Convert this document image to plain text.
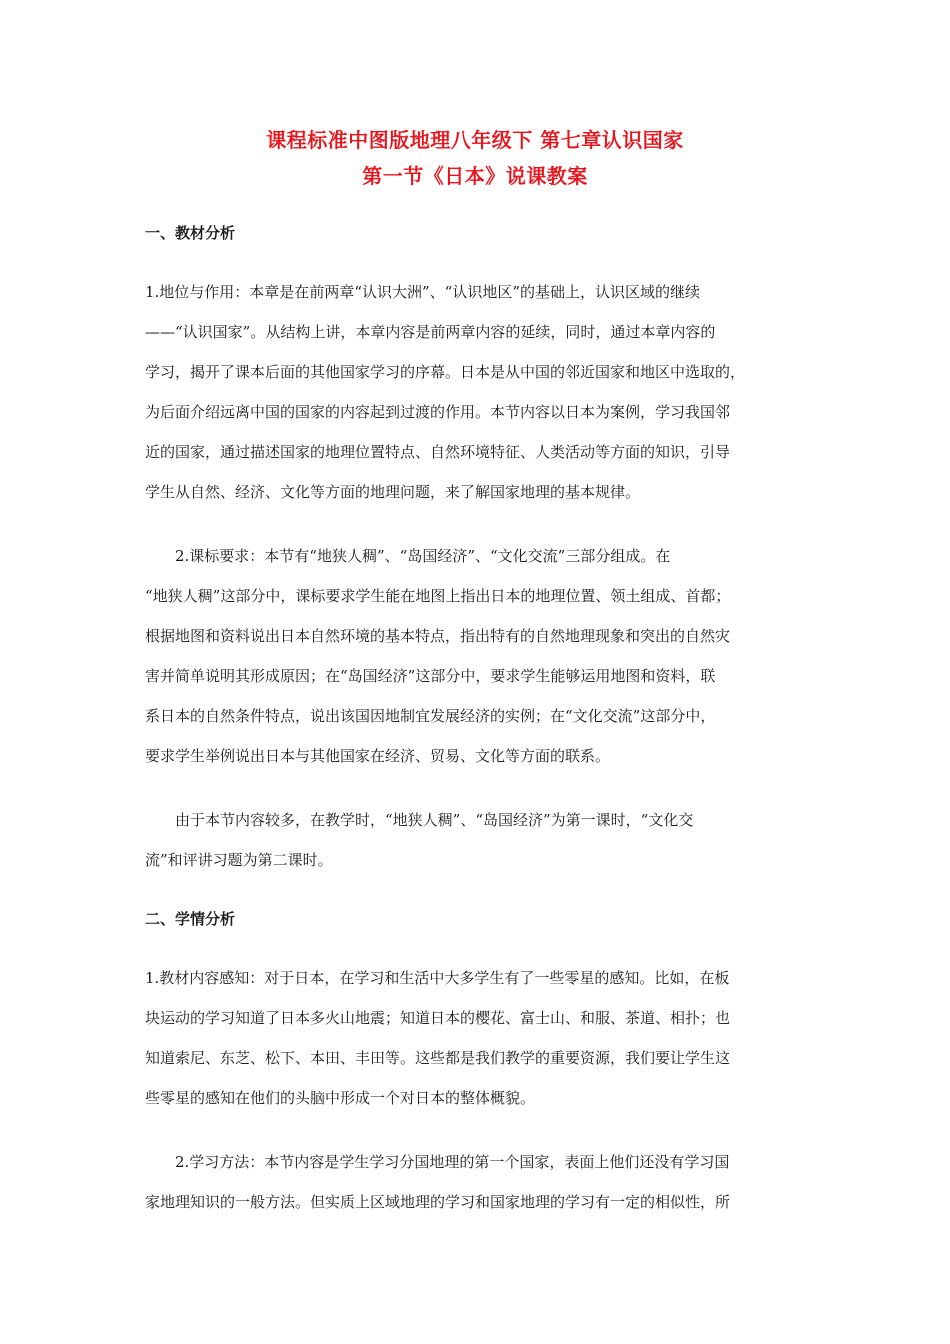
课程标准中图版地理八年级下 第七章认识国家
第一节《日本》说课教案
一、教材分析

1.地位与作用：本章是在前两章“认识大洲”、“认识地区”的基础上，认识区域的继续
——“认识国家”。从结构上讲，本章内容是前两章内容的延续，同时，通过本章内容的
学习，揭开了课本后面的其他国家学习的序幕。日本是从中国的邻近国家和地区中选取的，
为后面介绍远离中国的国家的内容起到过渡的作用。本节内容以日本为案例，学习我国邻
近的国家，通过描述国家的地理位置特点、自然环境特征、人类活动等方面的知识，引导
学生从自然、经济、文化等方面的地理问题，来了解国家地理的基本规律。

2.课标要求：本节有“地狭人稠”、“岛国经济”、“文化交流”三部分组成。在
“地狭人稠”这部分中，课标要求学生能在地图上指出日本的地理位置、领土组成、首都；
根据地图和资料说出日本自然环境的基本特点，指出特有的自然地理现象和突出的自然灾
害并简单说明其形成原因；在“岛国经济”这部分中，要求学生能够运用地图和资料，联
系日本的自然条件特点，说出该国因地制宜发展经济的实例；在“文化交流”这部分中，
要求学生举例说出日本与其他国家在经济、贸易、文化等方面的联系。

由于本节内容较多，在教学时，“地狭人稠”、“岛国经济”为第一课时，“文化交
流”和评讲习题为第二课时。

二、学情分析

1.教材内容感知：对于日本，在学习和生活中大多学生有了一些零星的感知。比如，在板
块运动的学习知道了日本多火山地震；知道日本的樱花、富士山、和服、茶道、相扑；也
知道索尼、东芝、松下、本田、丰田等。这些都是我们教学的重要资源，我们要让学生这
些零星的感知在他们的头脑中形成一个对日本的整体概貌。

2.学习方法：本节内容是学生学习分国地理的第一个国家，表面上他们还没有学习国
家地理知识的一般方法。但实质上区域地理的学习和国家地理的学习有一定的相似性，所
